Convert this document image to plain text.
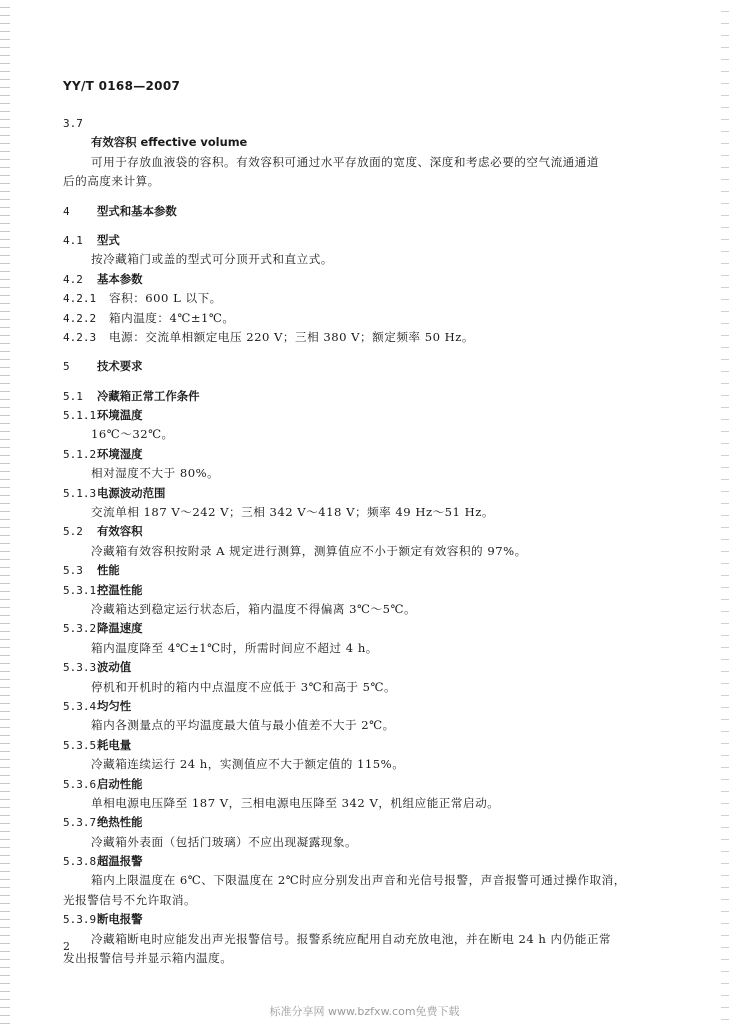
YY/T 0168—2007
3.7
有效容积 effective volume
可用于存放血液袋的容积。有效容积可通过水平存放面的宽度、深度和考虑必要的空气流通通道
后的高度来计算。
4 型式和基本参数
4.1 型式
按冷藏箱门或盖的型式可分顶开式和直立式。
4.2 基本参数
4.2.1 容积：600 L 以下。
4.2.2 箱内温度：4℃±1℃。
4.2.3 电源：交流单相额定电压 220 V；三相 380 V；额定频率 50 Hz。
5 技术要求
5.1 冷藏箱正常工作条件
5.1.1 环境温度
16℃～32℃。
5.1.2 环境湿度
相对湿度不大于 80%。
5.1.3 电源波动范围
交流单相 187 V～242 V；三相 342 V～418 V；频率 49 Hz～51 Hz。
5.2 有效容积
冷藏箱有效容积按附录 A 规定进行测算，测算值应不小于额定有效容积的 97%。
5.3 性能
5.3.1 控温性能
冷藏箱达到稳定运行状态后，箱内温度不得偏离 3℃～5℃。
5.3.2 降温速度
箱内温度降至 4℃±1℃时，所需时间应不超过 4 h。
5.3.3 波动值
停机和开机时的箱内中点温度不应低于 3℃和高于 5℃。
5.3.4 均匀性
箱内各测量点的平均温度最大值与最小值差不大于 2℃。
5.3.5 耗电量
冷藏箱连续运行 24 h，实测值应不大于额定值的 115%。
5.3.6 启动性能
单相电源电压降至 187 V，三相电源电压降至 342 V，机组应能正常启动。
5.3.7 绝热性能
冷藏箱外表面（包括门玻璃）不应出现凝露现象。
5.3.8 超温报警
箱内上限温度在 6℃、下限温度在 2℃时应分别发出声音和光信号报警，声音报警可通过操作取消，
光报警信号不允许取消。
5.3.9 断电报警
冷藏箱断电时应能发出声光报警信号。报警系统应配用自动充放电池，并在断电 24 h 内仍能正常
发出报警信号并显示箱内温度。
2
标准分享网 www.bzfxw.com免费下载
